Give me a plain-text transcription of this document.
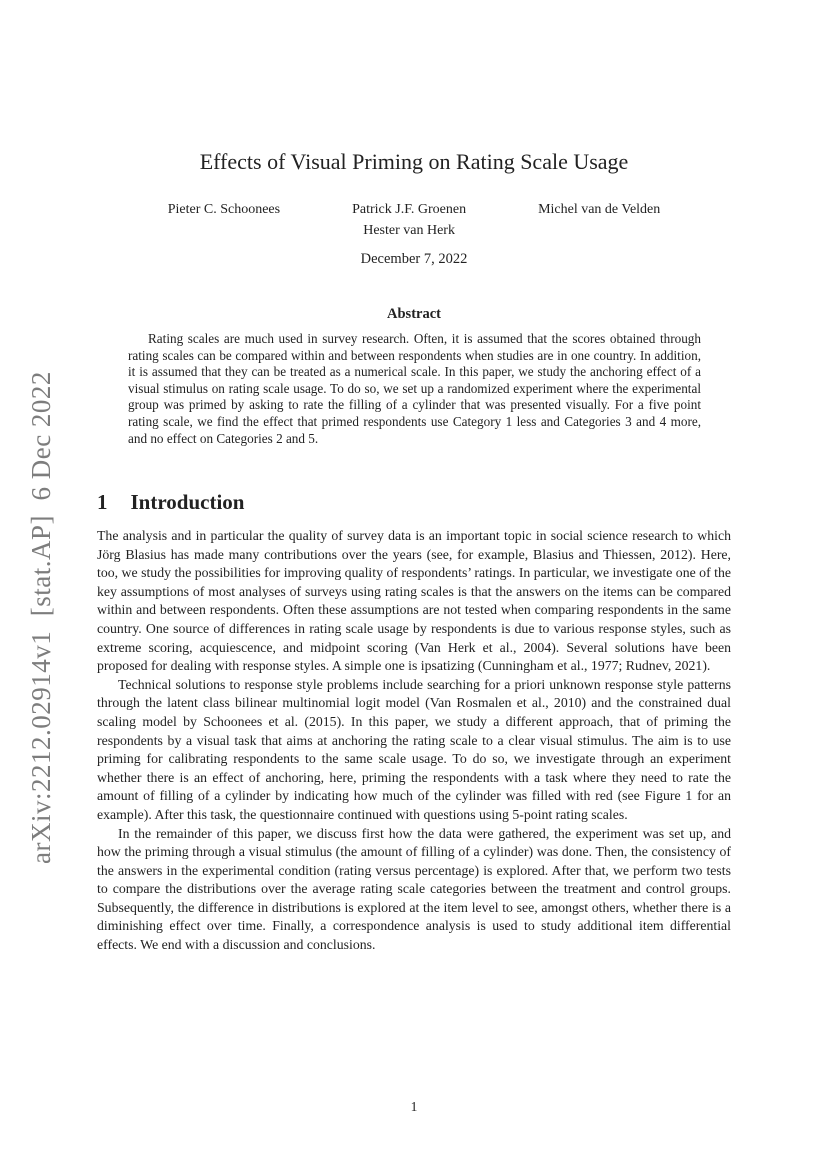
arXiv:2212.02914v1  [stat.AP]  6 Dec 2022
Effects of Visual Priming on Rating Scale Usage
Pieter C. Schoonees	Patrick J.F. Groenen
Hester van Herk
Michel van de Velden
December 7, 2022
Abstract
Rating scales are much used in survey research. Often, it is assumed that the scores obtained through rating scales can be compared within and between respondents when studies are in one country. In addition, it is assumed that they can be treated as a numerical scale. In this paper, we study the anchoring effect of a visual stimulus on rating scale usage. To do so, we set up a randomized experiment where the experimental group was primed by asking to rate the filling of a cylinder that was presented visually. For a five point rating scale, we find the effect that primed respondents use Category 1 less and Categories 3 and 4 more, and no effect on Categories 2 and 5.
1 Introduction

The analysis and in particular the quality of survey data is an important topic in social science research to which Jörg Blasius has made many contributions over the years (see, for example, Blasius and Thiessen, 2012). Here, too, we study the possibilities for improving quality of respondents’ ratings. In particular, we investigate one of the key assumptions of most analyses of surveys using rating scales is that the answers on the items can be compared within and between respondents. Often these assumptions are not tested when comparing respondents in the same country. One source of differences in rating scale usage by respondents is due to various response styles, such as extreme scoring, acquiescence, and midpoint scoring (Van Herk et al., 2004). Several solutions have been proposed for dealing with response styles. A simple one is ipsatizing (Cunningham et al., 1977; Rudnev, 2021).

Technical solutions to response style problems include searching for a priori unknown response style patterns through the latent class bilinear multinomial logit model (Van Rosmalen et al., 2010) and the constrained dual scaling model by Schoonees et al. (2015). In this paper, we study a different approach, that of priming the respondents by a visual task that aims at anchoring the rating scale to a clear visual stimulus. The aim is to use priming for calibrating respondents to the same scale usage. To do so, we investigate through an experiment whether there is an effect of anchoring, here, priming the respondents with a task where they need to rate the amount of filling of a cylinder by indicating how much of the cylinder was filled with red (see Figure 1 for an example). After this task, the questionnaire continued with questions using 5-point rating scales.

In the remainder of this paper, we discuss first how the data were gathered, the experiment was set up, and how the priming through a visual stimulus (the amount of filling of a cylinder) was done. Then, the consistency of the answers in the experimental condition (rating versus percentage) is explored. After that, we perform two tests to compare the distributions over the average rating scale categories between the treatment and control groups. Subsequently, the difference in distributions is explored at the item level to see, amongst others, whether there is a diminishing effect over time. Finally, a correspondence analysis is used to study additional item differential effects. We end with a discussion and conclusions.

1
